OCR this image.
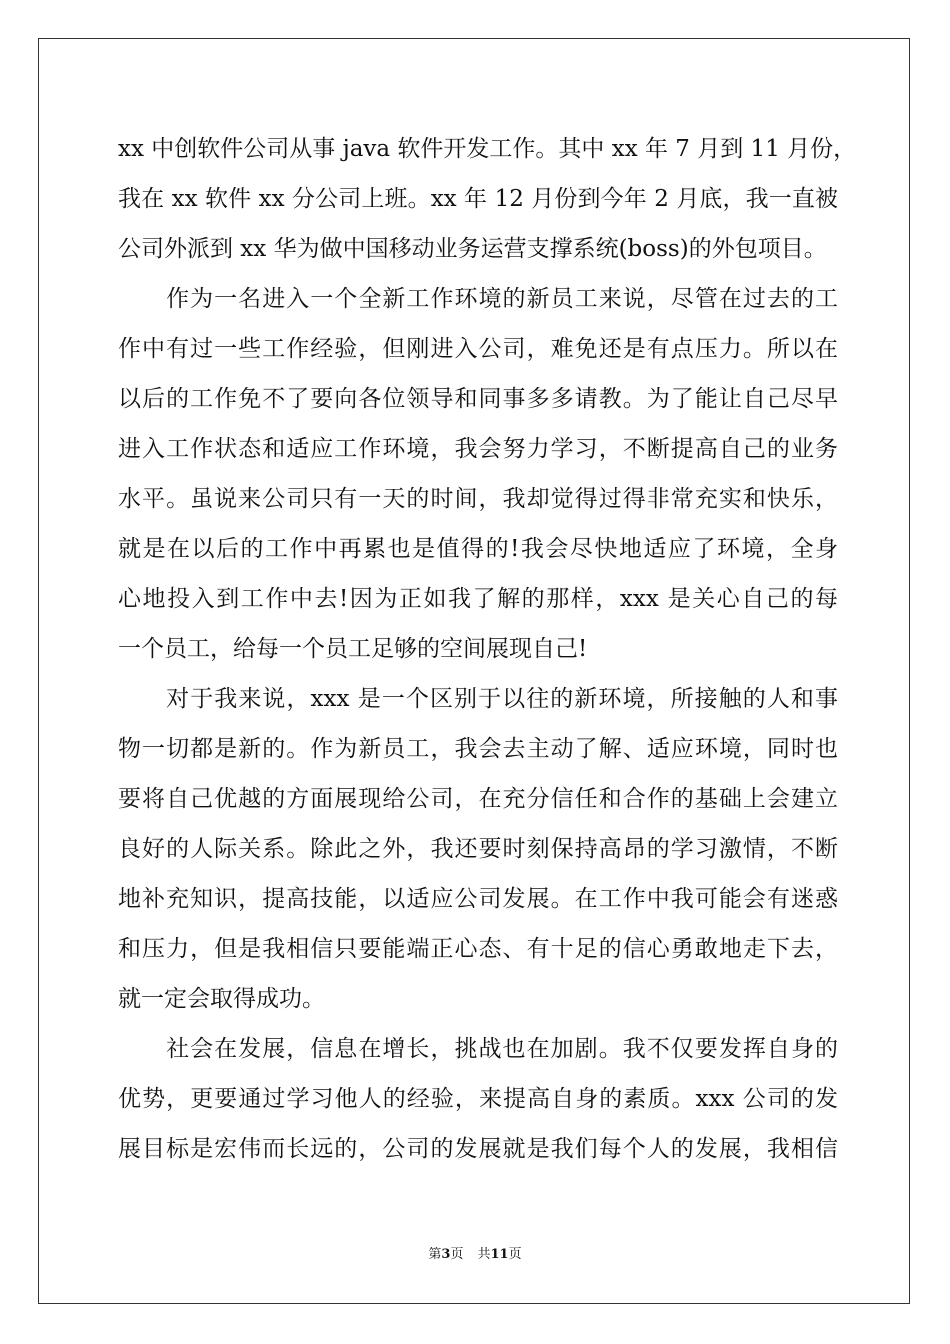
xx 中创软件公司从事 java 软件开发工作。其中 xx 年 7 月到 11 月份，
我在 xx 软件 xx 分公司上班。xx 年 12 月份到今年 2 月底，我一直被
公司外派到 xx 华为做中国移动业务运营支撑系统(boss)的外包项目。
　　作为一名进入一个全新工作环境的新员工来说，尽管在过去的工
作中有过一些工作经验，但刚进入公司，难免还是有点压力。所以在
以后的工作免不了要向各位领导和同事多多请教。为了能让自己尽早
进入工作状态和适应工作环境，我会努力学习，不断提高自己的业务
水平。虽说来公司只有一天的时间，我却觉得过得非常充实和快乐，
就是在以后的工作中再累也是值得的!我会尽快地适应了环境，全身
心地投入到工作中去!因为正如我了解的那样，xxx 是关心自己的每
一个员工，给每一个员工足够的空间展现自己!
　　对于我来说，xxx 是一个区别于以往的新环境，所接触的人和事
物一切都是新的。作为新员工，我会去主动了解、适应环境，同时也
要将自己优越的方面展现给公司，在充分信任和合作的基础上会建立
良好的人际关系。除此之外，我还要时刻保持高昂的学习激情，不断
地补充知识，提高技能，以适应公司发展。在工作中我可能会有迷惑
和压力，但是我相信只要能端正心态、有十足的信心勇敢地走下去，
就一定会取得成功。
　　社会在发展，信息在增长，挑战也在加剧。我不仅要发挥自身的
优势，更要通过学习他人的经验，来提高自身的素质。xxx 公司的发
展目标是宏伟而长远的，公司的发展就是我们每个人的发展，我相信
第3页 共11页
